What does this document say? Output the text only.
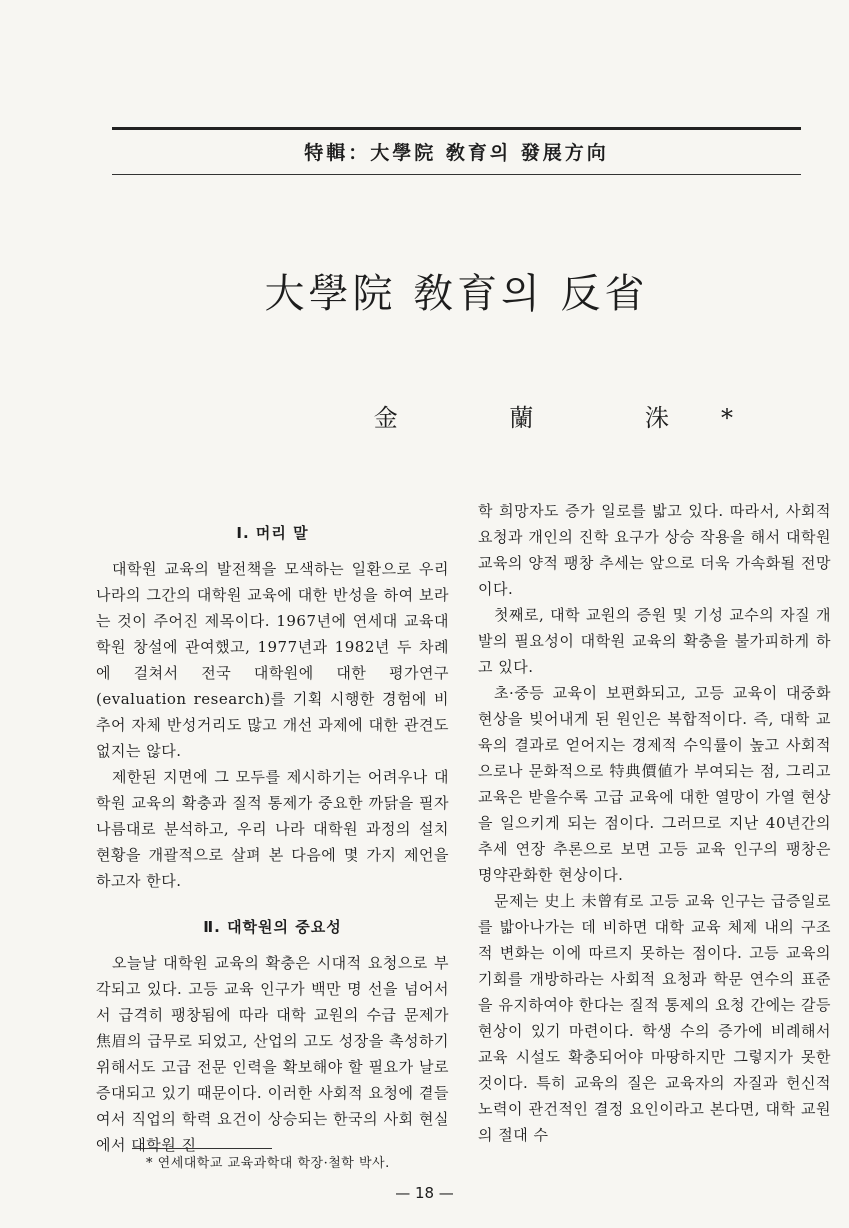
特輯：大學院 敎育의 發展方向
大學院 敎育의 反省
金 蘭 洙*
Ⅰ. 머리 말

대학원 교육의 발전책을 모색하는 일환으로 우리 나라의 그간의 대학원 교육에 대한 반성을 하여 보라는 것이 주어진 제목이다. 1967년에 연세대 교육대학원 창설에 관여했고, 1977년과 1982년 두 차례에 걸쳐서 전국 대학원에 대한 평가연구(evaluation research)를 기획 시행한 경험에 비추어 자체 반성거리도 많고 개선 과제에 대한 관견도 없지는 않다.

제한된 지면에 그 모두를 제시하기는 어려우나 대학원 교육의 확충과 질적 통제가 중요한 까닭을 필자 나름대로 분석하고, 우리 나라 대학원 과정의 설치 현황을 개괄적으로 살펴 본 다음에 몇 가지 제언을 하고자 한다.

Ⅱ. 대학원의 중요성

오늘날 대학원 교육의 확충은 시대적 요청으로 부각되고 있다. 고등 교육 인구가 백만 명 선을 넘어서서 급격히 팽창됨에 따라 대학 교원의 수급 문제가 焦眉의 급무로 되었고, 산업의 고도 성장을 촉성하기 위해서도 고급 전문 인력을 확보해야 할 필요가 날로 증대되고 있기 때문이다. 이러한 사회적 요청에 곁들여서 직업의 학력 요건이 상승되는 한국의 사회 현실에서 대학원 진

학 희망자도 증가 일로를 밟고 있다. 따라서, 사회적 요청과 개인의 진학 요구가 상승 작용을 해서 대학원 교육의 양적 팽창 추세는 앞으로 더욱 가속화될 전망이다.

첫째로, 대학 교원의 증원 및 기성 교수의 자질 개발의 필요성이 대학원 교육의 확충을 불가피하게 하고 있다.

초·중등 교육이 보편화되고, 고등 교육이 대중화 현상을 빚어내게 된 원인은 복합적이다. 즉, 대학 교육의 결과로 얻어지는 경제적 수익률이 높고 사회적으로나 문화적으로 特典價値가 부여되는 점, 그리고 교육은 받을수록 고급 교육에 대한 열망이 가열 현상을 일으키게 되는 점이다. 그러므로 지난 40년간의 추세 연장 추론으로 보면 고등 교육 인구의 팽창은 명약관화한 현상이다.

문제는 史上 未曾有로 고등 교육 인구는 급증일로를 밟아나가는 데 비하면 대학 교육 체제 내의 구조적 변화는 이에 따르지 못하는 점이다. 고등 교육의 기회를 개방하라는 사회적 요청과 학문 연수의 표준을 유지하여야 한다는 질적 통제의 요청 간에는 갈등 현상이 있기 마련이다. 학생 수의 증가에 비례해서 교육 시설도 확충되어야 마땅하지만 그렇지가 못한 것이다. 특히 교육의 질은 교육자의 자질과 헌신적 노력이 관건적인 결정 요인이라고 본다면, 대학 교원의 절대 수

* 연세대학교 교육과학대 학장·철학 박사.
— 18 —
